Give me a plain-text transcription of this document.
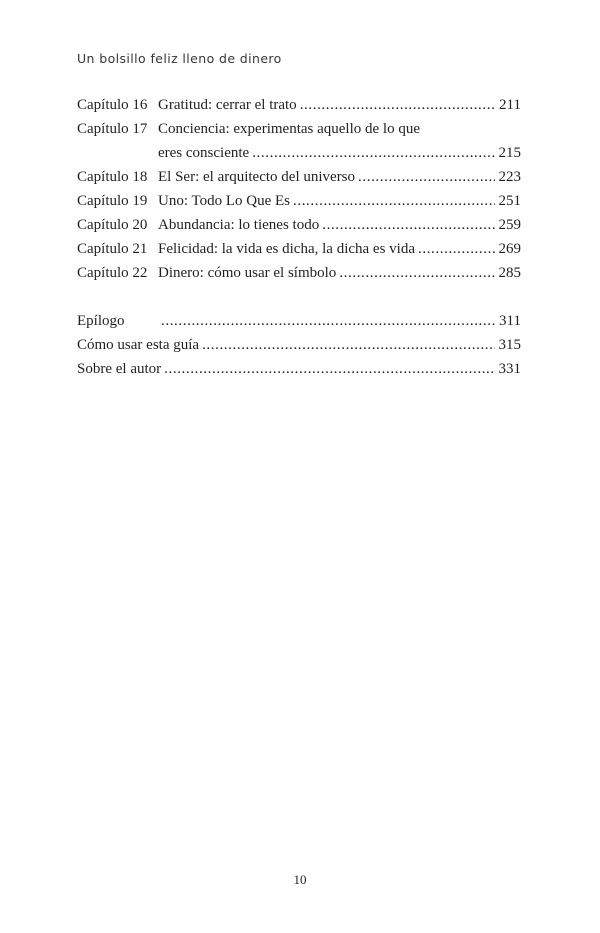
Un bolsillo feliz lleno de dinero
Capítulo 16 Gratitud: cerrar el trato .....	211
Capítulo 17 Conciencia: experimentas aquello de lo que
eres consciente .....	215
Capítulo 18 El Ser: el arquitecto del universo .....	223
Capítulo 19 Uno: Todo Lo Que Es .....	251
Capítulo 20 Abundancia: lo tienes todo .....	259
Capítulo 21 Felicidad: la vida es dicha, la dicha es vida .....	269
Capítulo 22 Dinero: cómo usar el símbolo .....	285
Epílogo .....	311
Cómo usar esta guía .....	315
Sobre el autor .....	331
10
